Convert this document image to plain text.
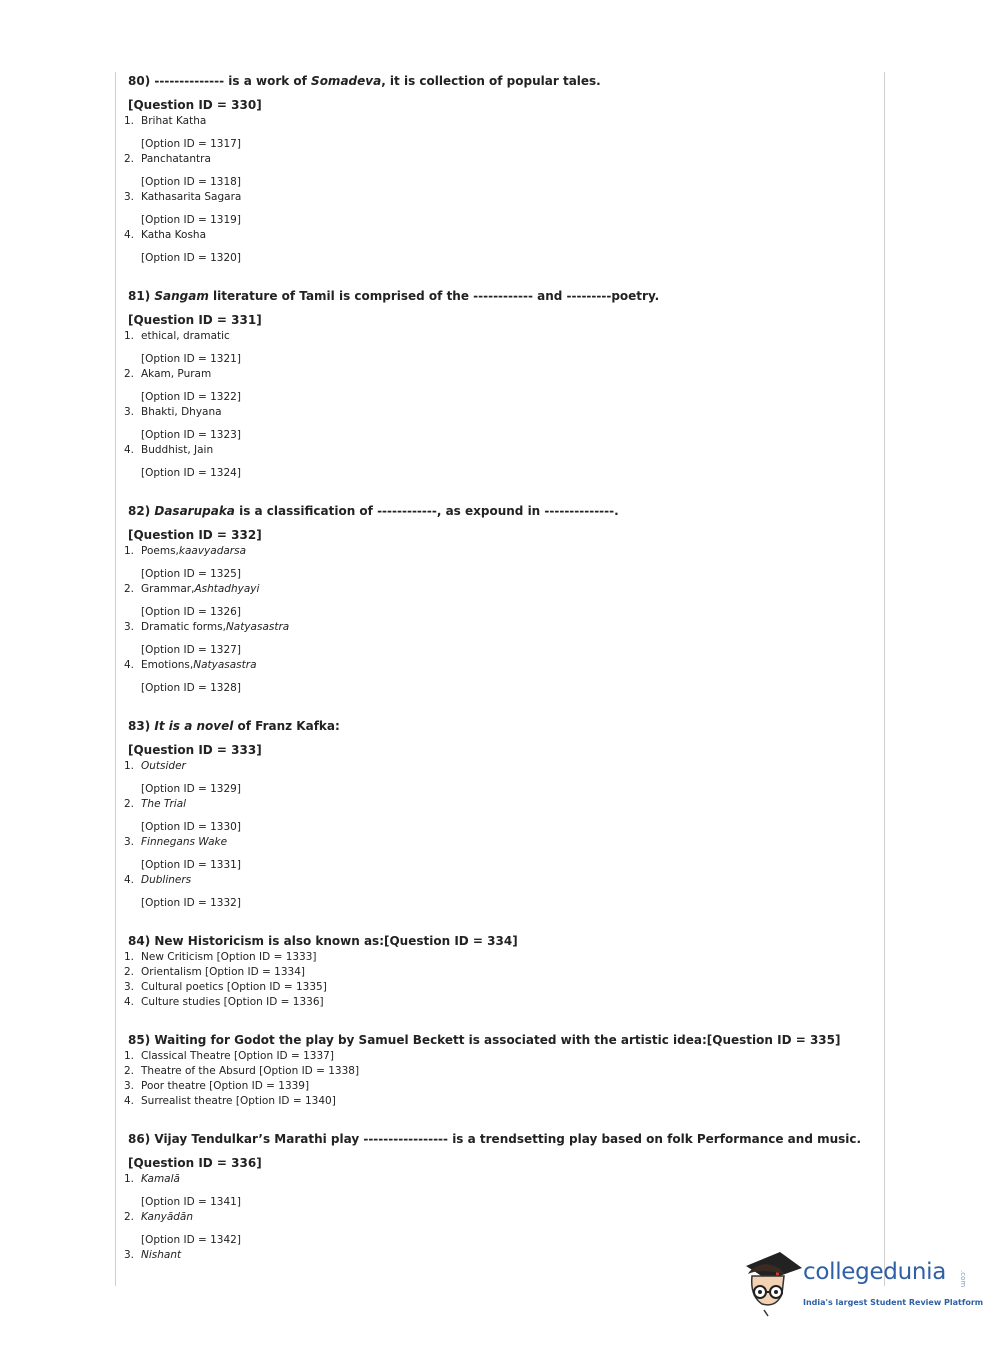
80) -------------- is a work of Somadeva, it is collection of popular tales.
[Question ID = 330]
1. Brihat Katha
[Option ID = 1317]
2. Panchatantra
[Option ID = 1318]
3. Kathasarita Sagara
[Option ID = 1319]
4. Katha Kosha
[Option ID = 1320]
81) Sangam literature of Tamil is comprised of the ------------ and ---------poetry.
[Question ID = 331]
1. ethical, dramatic
[Option ID = 1321]
2. Akam, Puram
[Option ID = 1322]
3. Bhakti, Dhyana
[Option ID = 1323]
4. Buddhist, Jain
[Option ID = 1324]
82) Dasarupaka is a classification of ------------, as expound in --------------.
[Question ID = 332]
1. Poems, kaavyadarsa
[Option ID = 1325]
2. Grammar, Ashtadhyayi
[Option ID = 1326]
3. Dramatic forms, Natyasastra
[Option ID = 1327]
4. Emotions, Natyasastra
[Option ID = 1328]
83) It is a novel of Franz Kafka:
[Question ID = 333]
1. Outsider
[Option ID = 1329]
2. The Trial
[Option ID = 1330]
3. Finnegans Wake
[Option ID = 1331]
4. Dubliners
[Option ID = 1332]
84) New Historicism is also known as:[Question ID = 334]
1. New Criticism [Option ID = 1333]
2. Orientalism [Option ID = 1334]
3. Cultural poetics [Option ID = 1335]
4. Culture studies [Option ID = 1336]
85) Waiting for Godot the play by Samuel Beckett is associated with the artistic idea:[Question ID = 335]
1. Classical Theatre [Option ID = 1337]
2. Theatre of the Absurd [Option ID = 1338]
3. Poor theatre [Option ID = 1339]
4. Surrealist theatre [Option ID = 1340]
86) Vijay Tendulkar’s Marathi play ----------------- is a trendsetting play based on folk Performance and music.
[Question ID = 336]
1. Kamalā
[Option ID = 1341]
2. Kanyādān
[Option ID = 1342]
3. Nishant
collegedunia .com
India's largest Student Review Platform
